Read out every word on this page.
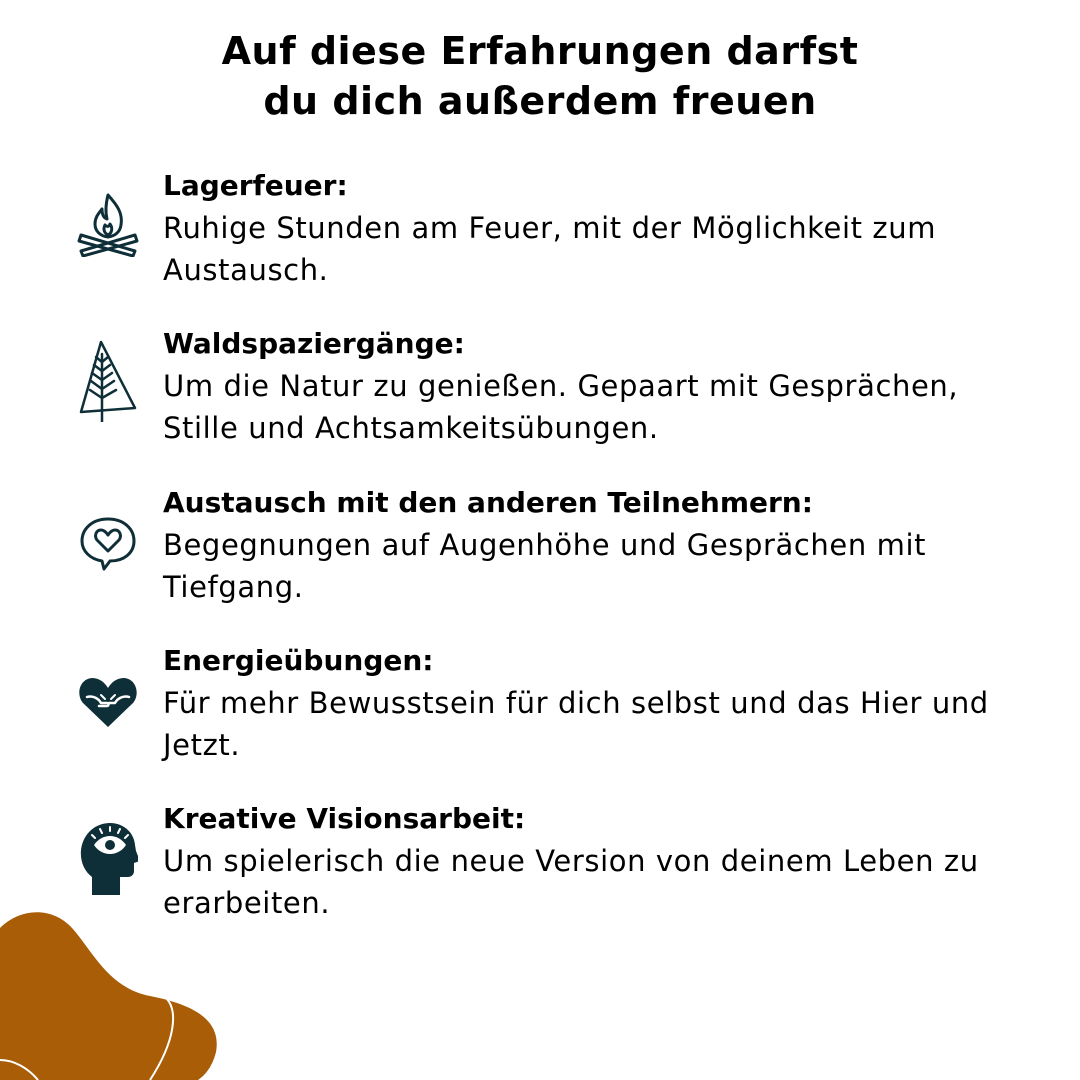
Auf diese Erfahrungen darfst
du dich außerdem freuen
Lagerfeuer:
Ruhige Stunden am Feuer, mit der Möglichkeit zum Austausch.
Waldspaziergänge:
Um die Natur zu genießen. Gepaart mit Gesprächen, Stille und Achtsamkeitsübungen.
Austausch mit den anderen Teilnehmern:
Begegnungen auf Augenhöhe und Gesprächen mit Tiefgang.
Energieübungen:
Für mehr Bewusstsein für dich selbst und das Hier und Jetzt.
Kreative Visionsarbeit:
Um spielerisch die neue Version von deinem Leben zu erarbeiten.
